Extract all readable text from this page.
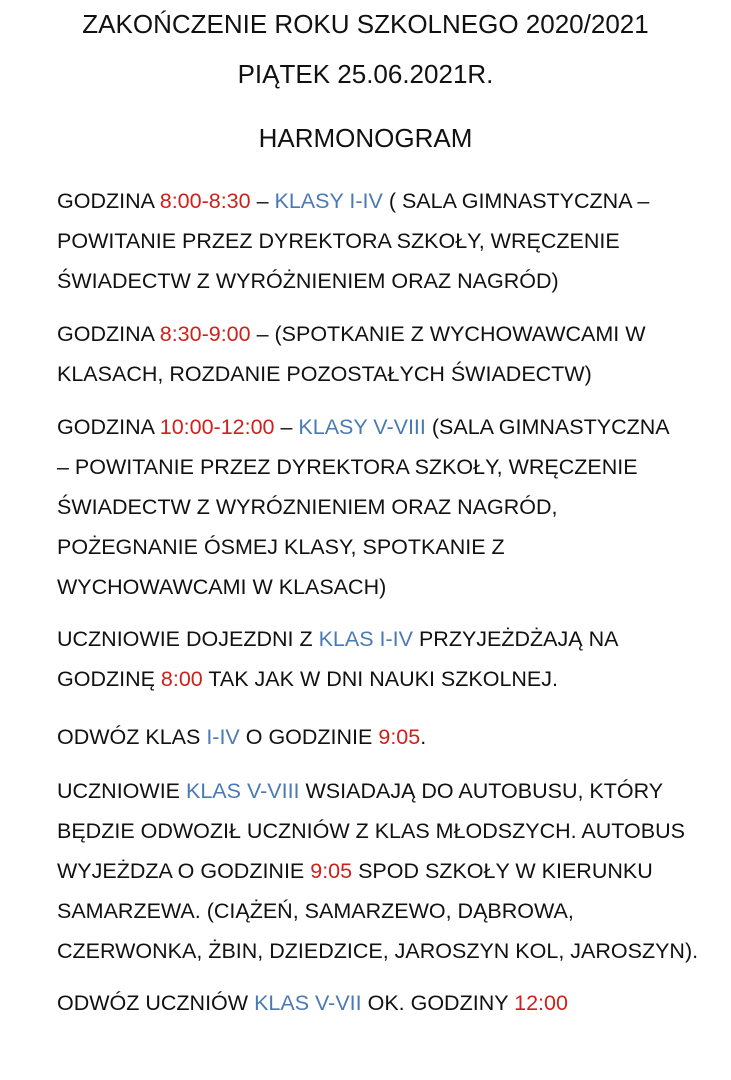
ZAKOŃCZENIE ROKU SZKOLNEGO 2020/2021
PIĄTEK 25.06.2021R.
HARMONOGRAM
GODZINA 8:00-8:30 – KLASY I-IV ( SALA GIMNASTYCZNA –
POWITANIE PRZEZ DYREKTORA SZKOŁY, WRĘCZENIE
ŚWIADECTW Z WYRÓŻNIENIEM ORAZ NAGRÓD)
GODZINA 8:30-9:00 – (SPOTKANIE Z WYCHOWAWCAMI W
KLASACH, ROZDANIE POZOSTAŁYCH ŚWIADECTW)
GODZINA 10:00-12:00 – KLASY V-VIII (SALA GIMNASTYCZNA
– POWITANIE PRZEZ DYREKTORA SZKOŁY, WRĘCZENIE
ŚWIADECTW Z WYRÓZNIENIEM ORAZ NAGRÓD,
POŻEGNANIE ÓSMEJ KLASY, SPOTKANIE Z
WYCHOWAWCAMI W KLASACH)
UCZNIOWIE DOJEZDNI Z KLAS I-IV PRZYJEŻDŻAJĄ NA
GODZINĘ 8:00 TAK JAK W DNI NAUKI SZKOLNEJ.
ODWÓZ KLAS I-IV O GODZINIE 9:05.
UCZNIOWIE KLAS V-VIII WSIADAJĄ DO AUTOBUSU, KTÓRY
BĘDZIE ODWOZIŁ UCZNIÓW Z KLAS MŁODSZYCH. AUTOBUS
WYJEŻDZA O GODZINIE 9:05 SPOD SZKOŁY W KIERUNKU
SAMARZEWA. (CIĄŻEŃ, SAMARZEWO, DĄBROWA,
CZERWONKA, ŻBIN, DZIEDZICE, JAROSZYN KOL, JAROSZYN).
ODWÓZ UCZNIÓW KLAS V-VII OK. GODZINY 12:00
